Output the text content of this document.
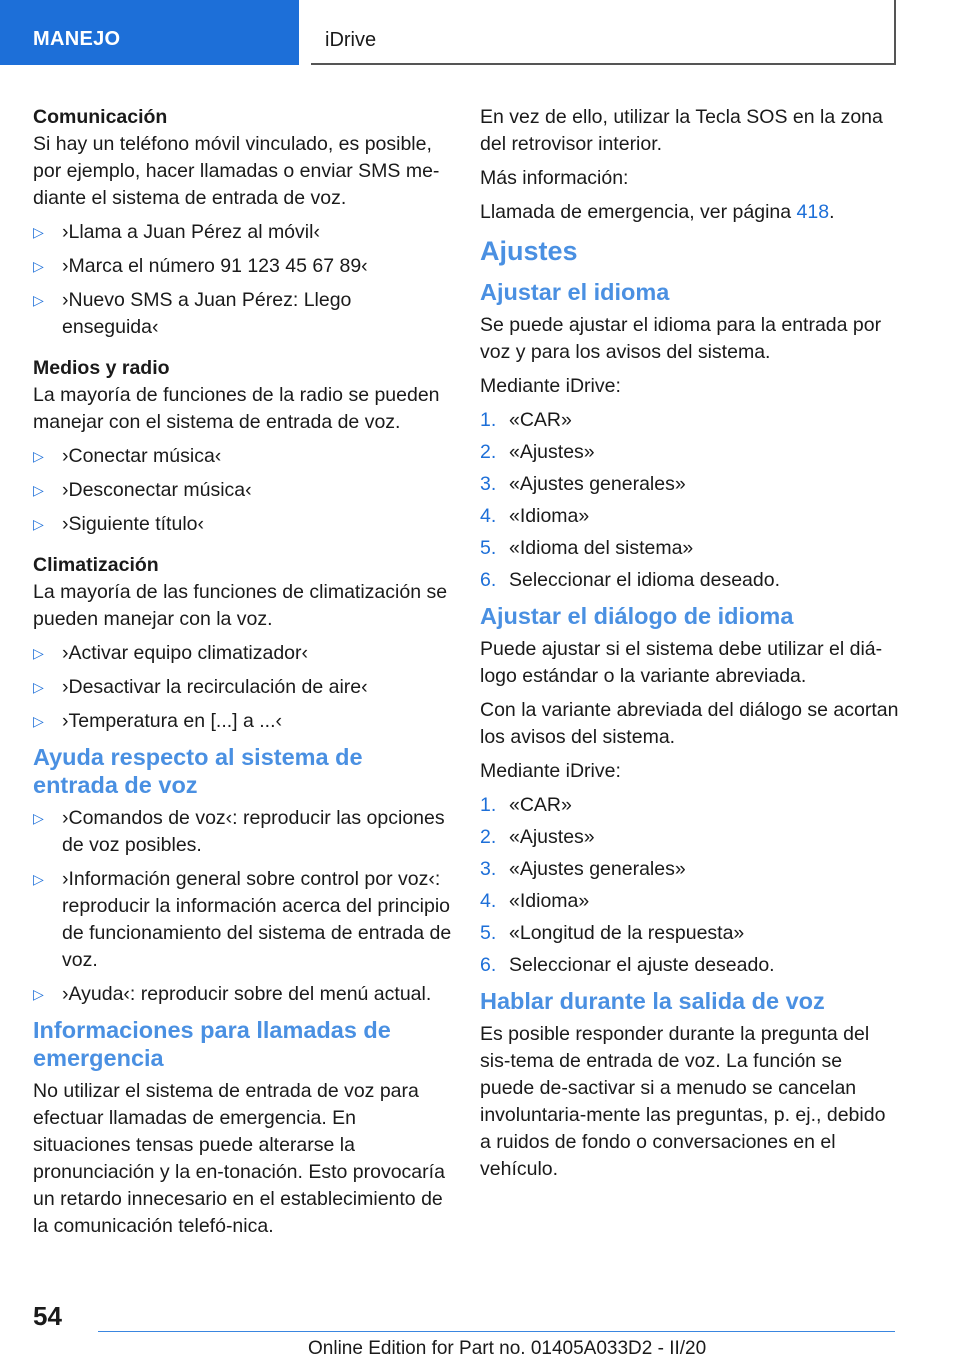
MANEJO	iDrive

Comunicación

Si hay un teléfono móvil vinculado, es posible, por ejemplo, hacer llamadas o enviar SMS me-diante el sistema de entrada de voz.

▷ ›Llama a Juan Pérez al móvil‹
▷ ›Marca el número 91 123 45 67 89‹
▷ ›Nuevo SMS a Juan Pérez: Llego enseguida‹

Medios y radio

La mayoría de funciones de la radio se pueden manejar con el sistema de entrada de voz.

▷ ›Conectar música‹
▷ ›Desconectar música‹
▷ ›Siguiente título‹

Climatización

La mayoría de las funciones de climatización se pueden manejar con la voz.

▷ ›Activar equipo climatizador‹
▷ ›Desactivar la recirculación de aire‹
▷ ›Temperatura en [...] a ...‹
Ayuda respecto al sistema de entrada de voz
▷ ›Comandos de voz‹: reproducir las opciones de voz posibles.
▷ ›Información general sobre control por voz‹: reproducir la información acerca del principio de funcionamiento del sistema de entrada de voz.
▷ ›Ayuda‹: reproducir sobre del menú actual.
Informaciones para llamadas de emergencia

No utilizar el sistema de entrada de voz para efectuar llamadas de emergencia. En situaciones tensas puede alterarse la pronunciación y la en-tonación. Esto provocaría un retardo innecesario en el establecimiento de la comunicación telefó-nica.

En vez de ello, utilizar la Tecla SOS en la zona del retrovisor interior.

Más información:

Llamada de emergencia, ver página 418.

Ajustes
Ajustar el idioma

Se puede ajustar el idioma para la entrada por voz y para los avisos del sistema.

Mediante iDrive:

1. «CAR»
2. «Ajustes»
3. «Ajustes generales»
4. «Idioma»
5. «Idioma del sistema»
6. Seleccionar el idioma deseado.
Ajustar el diálogo de idioma

Puede ajustar si el sistema debe utilizar el diá-logo estándar o la variante abreviada.

Con la variante abreviada del diálogo se acortan los avisos del sistema.

Mediante iDrive:

1. «CAR»
2. «Ajustes»
3. «Ajustes generales»
4. «Idioma»
5. «Longitud de la respuesta»
6. Seleccionar el ajuste deseado.
Hablar durante la salida de voz

Es posible responder durante la pregunta del sis-tema de entrada de voz. La función se puede de-sactivar si a menudo se cancelan involuntaria-mente las preguntas, p. ej., debido a ruidos de fondo o conversaciones en el vehículo.

54
Online Edition for Part no. 01405A033D2 - II/20
